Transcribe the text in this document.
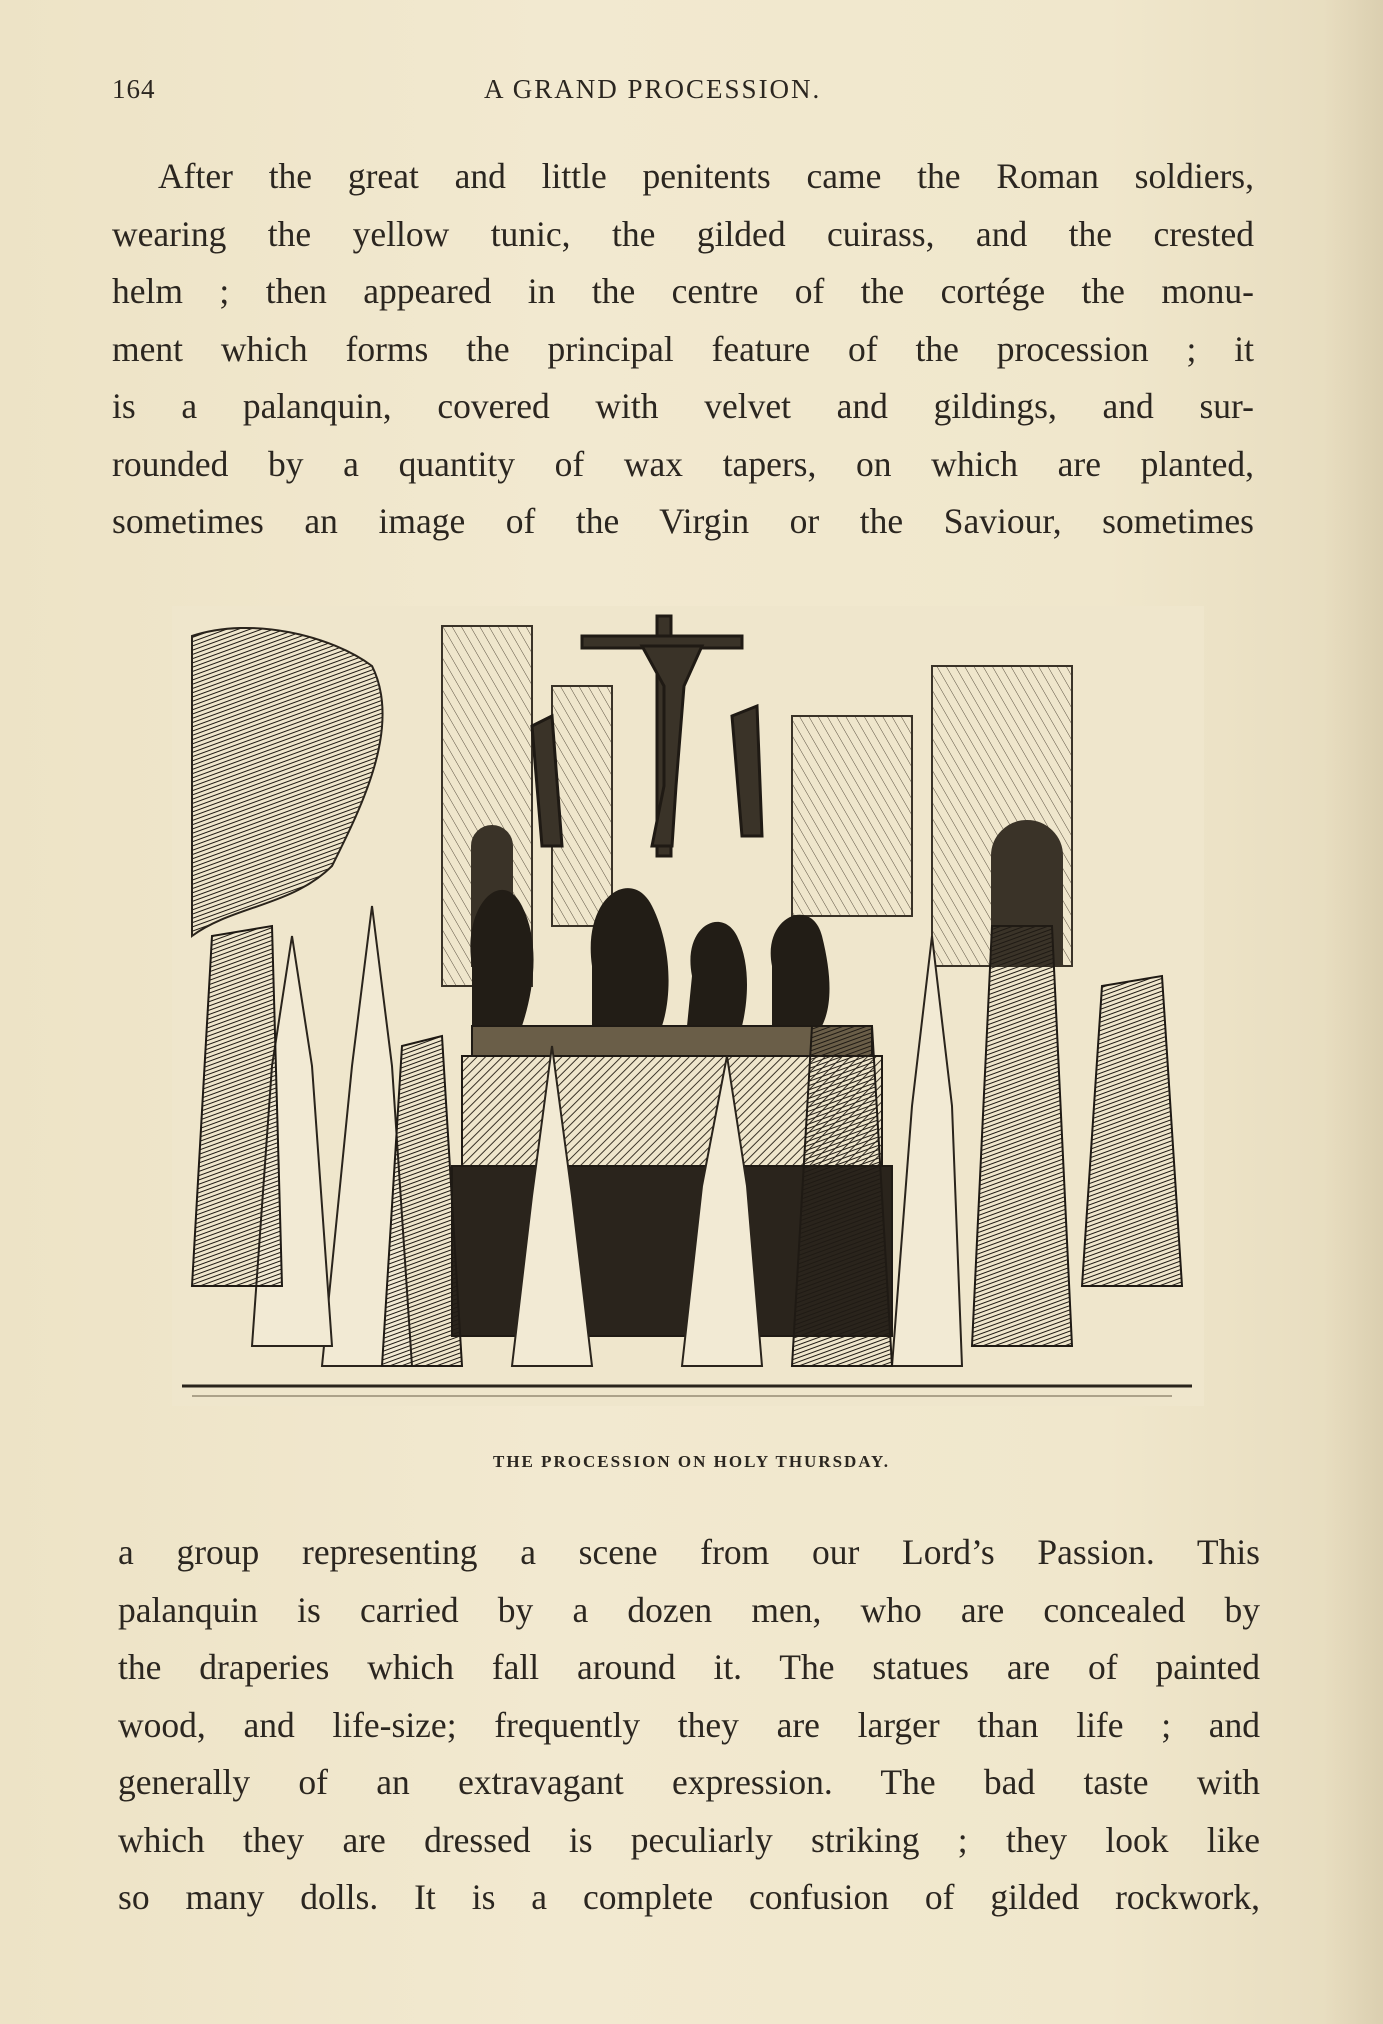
164	A GRAND PROCESSION.
After the great and little penitents came the Roman soldiers,
wearing the yellow tunic, the gilded cuirass, and the crested
helm ; then appeared in the centre of the cortége the monu-
ment which forms the principal feature of the procession ; it
is a palanquin, covered with velvet and gildings, and sur-
rounded by a quantity of wax tapers, on which are planted,
sometimes an image of the Virgin or the Saviour, sometimes
THE PROCESSION ON HOLY THURSDAY.
a group representing a scene from our Lord’s Passion. This
palanquin is carried by a dozen men, who are concealed by
the draperies which fall around it. The statues are of painted
wood, and life-size; frequently they are larger than life ; and
generally of an extravagant expression. The bad taste with
which they are dressed is peculiarly striking ; they look like
so many dolls. It is a complete confusion of gilded rockwork,
